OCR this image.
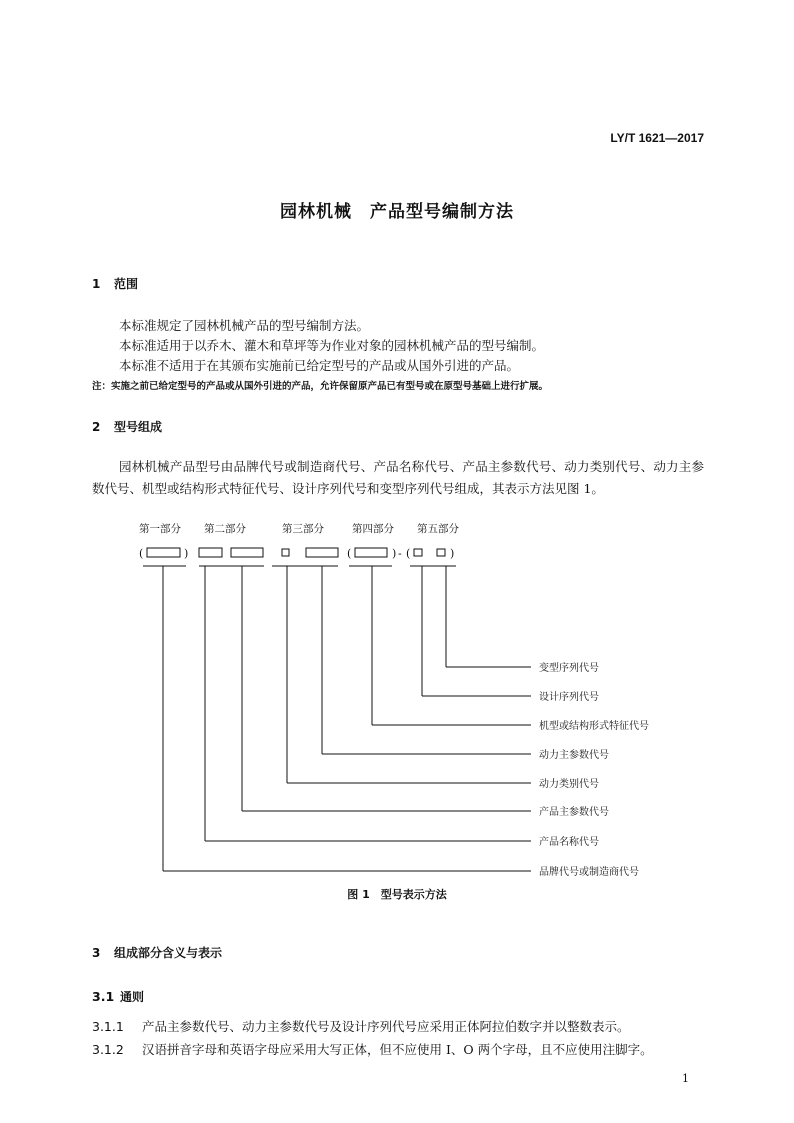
LY/T 1621—2017
园林机械　产品型号编制方法
1 范围
本标准规定了园林机械产品的型号编制方法。
本标准适用于以乔木、灌木和草坪等为作业对象的园林机械产品的型号编制。
本标准不适用于在其颁布实施前已给定型号的产品或从国外引进的产品。
注：实施之前已给定型号的产品或从国外引进的产品，允许保留原产品已有型号或在原型号基础上进行扩展。
2 型号组成
园林机械产品型号由品牌代号或制造商代号、产品名称代号、产品主参数代号、动力类别代号、动力主参数代号、机型或结构形式特征代号、设计序列代号和变型序列代号组成，其表示方法见图 1。
第一部分 第二部分	第三部分	第四部分 第五部分
(	)	(	) - (	)
变型序列代号
设计序列代号
机型或结构形式特征代号
动力主参数代号
动力类别代号
产品主参数代号
产品名称代号
品牌代号或制造商代号
图 1　型号表示方法
3 组成部分含义与表示
3.1 通则
3.1.1 产品主参数代号、动力主参数代号及设计序列代号应采用正体阿拉伯数字并以整数表示。
3.1.2 汉语拼音字母和英语字母应采用大写正体，但不应使用 I、O 两个字母，且不应使用注脚字。
1
